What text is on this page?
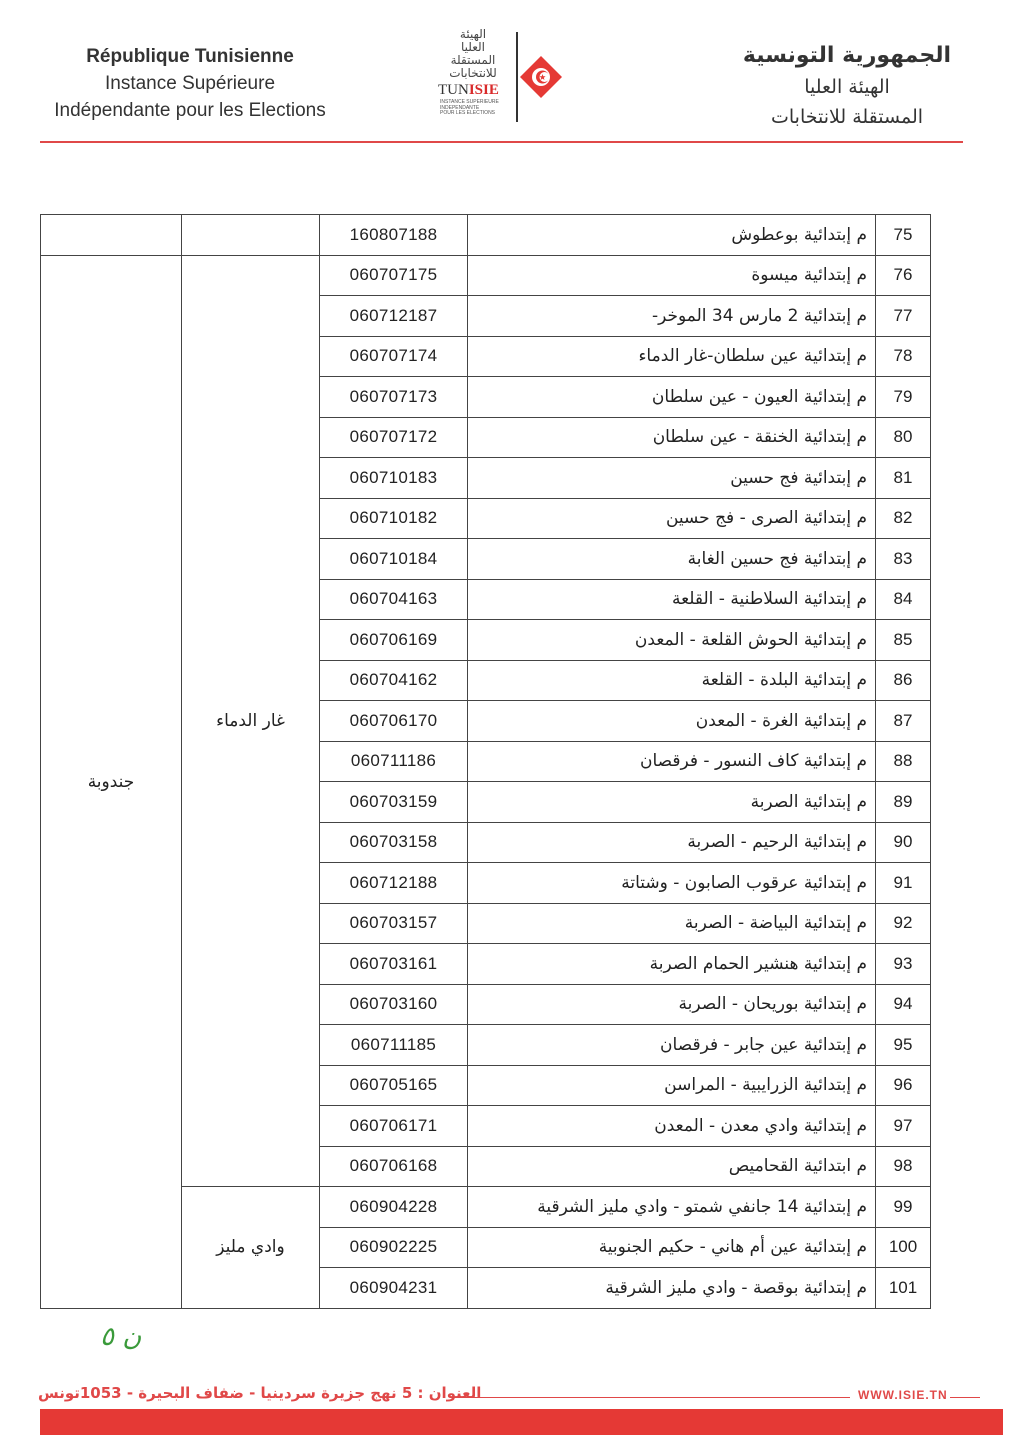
République Tunisienne
Instance Supérieure
Indépendante pour les Elections
الهيئة
العليا
المستقلة
للانتخابات
TUNISIE
INSTANCE SUPERIEURE
INDEPENDANTE
POUR LES ELECTIONS
الجمهورية التونسية
الهيئة العليا
المستقلة للانتخابات
		160807188	م إبتدائية بوعطوش	75
جندوبة	غار الدماء	060707175	م إبتدائية ميسوة	76
		060712187	م إبتدائية 2 مارس 34 الموخر-	77
		060707174	م إبتدائية عين سلطان-غار الدماء	78
		060707173	م إبتدائية العيون - عين سلطان	79
		060707172	م إبتدائية الخنقة - عين سلطان	80
		060710183	م إبتدائية فج حسين	81
		060710182	م إبتدائية الصرى - فج حسين	82
		060710184	م إبتدائية فج حسين الغابة	83
		060704163	م إبتدائية السلاطنية - القلعة	84
		060706169	م إبتدائية الحوش القلعة - المعدن	85
		060704162	م إبتدائية البلدة - القلعة	86
		060706170	م إبتدائية الغرة - المعدن	87
		060711186	م إبتدائية كاف النسور - فرقصان	88
		060703159	م إبتدائية الصربة	89
		060703158	م إبتدائية الرحيم - الصربة	90
		060712188	م إبتدائية عرقوب الصابون - وشتاتة	91
		060703157	م إبتدائية البياضة - الصربة	92
		060703161	م إبتدائية هنشير الحمام الصربة	93
		060703160	م إبتدائية بوريحان - الصربة	94
		060711185	م إبتدائية عين جابر - فرقصان	95
		060705165	م إبتدائية الزرايبية - المراسن	96
		060706171	م إبتدائية وادي معدن - المعدن	97
		060706168	م ابتدائية القحاميص	98
	وادي مليز	060904228	م إبتدائية 14 جانفي شمتو - وادي مليز الشرقية	99
		060902225	م إبتدائية عين أم هاني - حكيم الجنوبية	100
		060904231	م إبتدائية بوقصة - وادي مليز الشرقية	101
ن ٥
العنوان : 5 نهج جزيرة سردينيا - ضفاف البحيرة - 1053تونس	WWW.ISIE.TN
